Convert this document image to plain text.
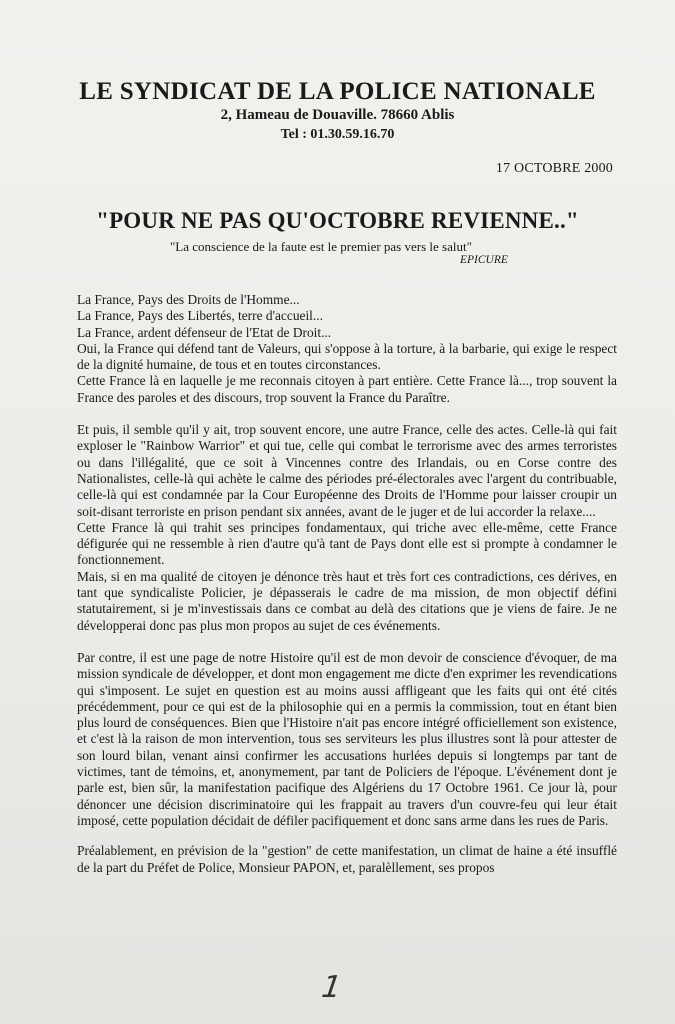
LE SYNDICAT DE LA POLICE NATIONALE

2, Hameau de Douaville. 78660 Ablis

Tel : 01.30.59.16.70

17 OCTOBRE 2000
"POUR NE PAS QU'OCTOBRE REVIENNE.."
"La conscience de la faute est le premier pas vers le salut"
EPICURE

La France, Pays des Droits de l'Homme...

La France, Pays des Libertés, terre d'accueil...

La France, ardent défenseur de l'Etat de Droit...

Oui, la France qui défend tant de Valeurs, qui s'oppose à la torture, à la barbarie, qui exige le respect de la dignité humaine, de tous et en toutes circonstances.

Cette France là en laquelle je me reconnais citoyen à part entière. Cette France là..., trop souvent la France des paroles et des discours, trop souvent la France du Paraître.

Et puis, il semble qu'il y ait, trop souvent encore, une autre France, celle des actes. Celle-là qui fait exploser le "Rainbow Warrior" et qui tue, celle qui combat le terrorisme avec des armes terroristes ou dans l'illégalité, que ce soit à Vincennes contre des Irlandais, ou en Corse contre des Nationalistes, celle-là qui achète le calme des périodes pré-électorales avec l'argent du contribuable, celle-là qui est condamnée par la Cour Européenne des Droits de l'Homme pour laisser croupir un soit-disant terroriste en prison pendant six années, avant de le juger et de lui accorder la relaxe....

Cette France là qui trahit ses principes fondamentaux, qui triche avec elle-même, cette France défigurée qui ne ressemble à rien d'autre qu'à tant de Pays dont elle est si prompte à condamner le fonctionnement.

Mais, si en ma qualité de citoyen je dénonce très haut et très fort ces contradictions, ces dérives, en tant que syndicaliste Policier, je dépasserais le cadre de ma mission, de mon objectif défini statutairement, si je m'investissais dans ce combat au delà des citations que je viens de faire. Je ne développerai donc pas plus mon propos au sujet de ces événements.

Par contre, il est une page de notre Histoire qu'il est de mon devoir de conscience d'évoquer, de ma mission syndicale de développer, et dont mon engagement me dicte d'en exprimer les revendications qui s'imposent. Le sujet en question est au moins aussi affligeant que les faits qui ont été cités précédemment, pour ce qui est de la philosophie qui en a permis la commission, tout en étant bien plus lourd de conséquences. Bien que l'Histoire n'ait pas encore intégré officiellement son existence, et c'est là la raison de mon intervention, tous ses serviteurs les plus illustres sont là pour attester de son lourd bilan, venant ainsi confirmer les accusations hurlées depuis si longtemps par tant de victimes, tant de témoins, et, anonymement, par tant de Policiers de l'époque. L'événement dont je parle est, bien sûr, la manifestation pacifique des Algériens du 17 Octobre 1961. Ce jour là, pour dénoncer une décision discriminatoire qui les frappait au travers d'un couvre-feu qui leur était imposé, cette population décidait de défiler pacifiquement et donc sans arme dans les rues de Paris.

Préalablement, en prévision de la "gestion" de cette manifestation, un climat de haine a été insufflé de la part du Préfet de Police, Monsieur PAPON, et, paralèllement, ses propos

1
